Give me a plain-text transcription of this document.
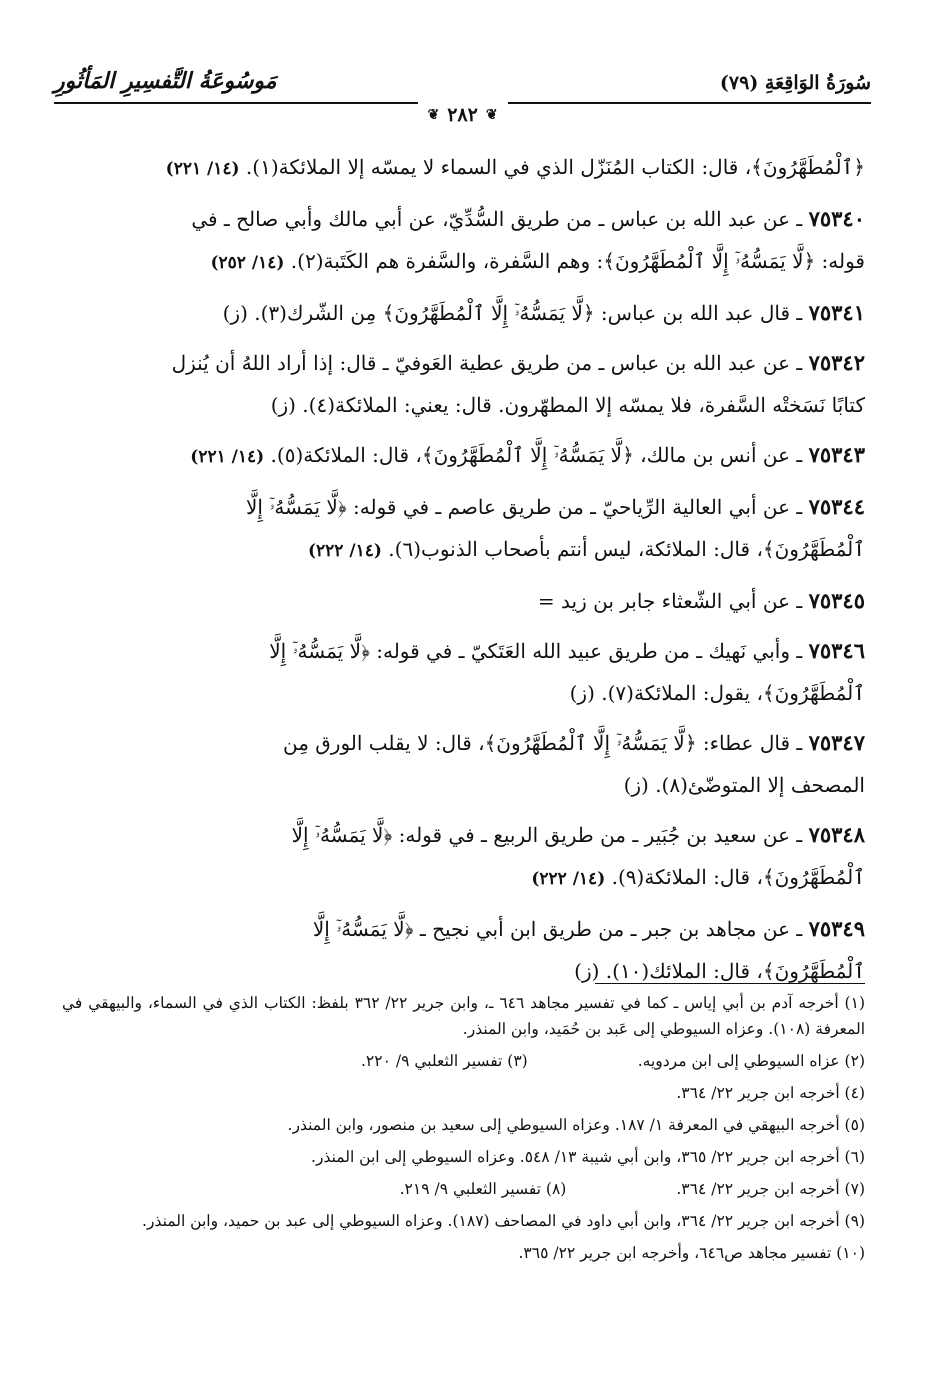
سُورَةُ الوَاقِعَةِ (٧٩)
مَوسُوعَةُ التَّفسِيرِ المَأثُورِ
❦ ٢٨٢ ❦
﴿ٱلْمُطَهَّرُونَ﴾، قال: الكتاب المُنَزّل الذي في السماء لا يمسّه إلا الملائكة(١). (١٤/ ٢٢١)
٧٥٣٤٠ ـ عن عبد الله بن عباس ـ من طريق السُّدِّيّ، عن أبي مالك وأبي صالح ـ في
قوله: ﴿لَّا يَمَسُّهُۥٓ إِلَّا ٱلْمُطَهَّرُونَ﴾: وهم السَّفرة، والسَّفرة هم الكَتَبة(٢). (١٤/ ٢٥٢)
٧٥٣٤١ ـ قال عبد الله بن عباس: ﴿لَّا يَمَسُّهُۥٓ إِلَّا ٱلْمُطَهَّرُونَ﴾ مِن الشّرك(٣). (ز)
٧٥٣٤٢ ـ عن عبد الله بن عباس ـ من طريق عطية العَوفيّ ـ قال: إذا أراد اللهُ أن يُنزل
كتابًا نَسَختْه السَّفرة، فلا يمسّه إلا المطهّرون. قال: يعني: الملائكة(٤). (ز)
٧٥٣٤٣ ـ عن أنس بن مالك، ﴿لَّا يَمَسُّهُۥٓ إِلَّا ٱلْمُطَهَّرُونَ﴾، قال: الملائكة(٥). (١٤/ ٢٢١)
٧٥٣٤٤ ـ عن أبي العالية الرِّياحيّ ـ من طريق عاصم ـ في قوله: ﴿لَّا يَمَسُّهُۥٓ إِلَّا
ٱلْمُطَهَّرُونَ﴾، قال: الملائكة، ليس أنتم بأصحاب الذنوب(٦). (١٤/ ٢٢٢)
٧٥٣٤٥ ـ عن أبي الشّعثاء جابر بن زيد =
٧٥٣٤٦ ـ وأبي نَهيك ـ من طريق عبيد الله العَتَكيّ ـ في قوله: ﴿لَّا يَمَسُّهُۥٓ إِلَّا
ٱلْمُطَهَّرُونَ﴾، يقول: الملائكة(٧). (ز)
٧٥٣٤٧ ـ قال عطاء: ﴿لَّا يَمَسُّهُۥٓ إِلَّا ٱلْمُطَهَّرُونَ﴾، قال: لا يقلب الورق مِن
المصحف إلا المتوضّئ(٨). (ز)
٧٥٣٤٨ ـ عن سعيد بن جُبَير ـ من طريق الربيع ـ في قوله: ﴿لَّا يَمَسُّهُۥٓ إِلَّا
ٱلْمُطَهَّرُونَ﴾، قال: الملائكة(٩). (١٤/ ٢٢٢)
٧٥٣٤٩ ـ عن مجاهد بن جبر ـ من طريق ابن أبي نجيح ـ ﴿لَّا يَمَسُّهُۥٓ إِلَّا
ٱلْمُطَهَّرُونَ﴾، قال: الملائك(١٠). (ز)

(١) أخرجه آدم بن أبي إياس ـ كما في تفسير مجاهد ٦٤٦ ـ، وابن جرير ٢٢/ ٣٦٢ بلفظ: الكتاب الذي في السماء، والبيهقي في المعرفة (١٠٨). وعزاه السيوطي إلى عَبد بن حُمَيد، وابن المنذر.

(٢) عزاه السيوطي إلى ابن مردويه.
(٣) تفسير الثعلبي ٩/ ٢٢٠.

(٤) أخرجه ابن جرير ٢٢/ ٣٦٤.

(٥) أخرجه البيهقي في المعرفة ١/ ١٨٧. وعزاه السيوطي إلى سعيد بن منصور، وابن المنذر.

(٦) أخرجه ابن جرير ٢٢/ ٣٦٥، وابن أبي شيبة ١٣/ ٥٤٨. وعزاه السيوطي إلى ابن المنذر.

(٧) أخرجه ابن جرير ٢٢/ ٣٦٤.
(٨) تفسير الثعلبي ٩/ ٢١٩.

(٩) أخرجه ابن جرير ٢٢/ ٣٦٤، وابن أبي داود في المصاحف (١٨٧). وعزاه السيوطي إلى عبد بن حميد، وابن المنذر.

(١٠) تفسير مجاهد ص٦٤٦، وأخرجه ابن جرير ٢٢/ ٣٦٥.
